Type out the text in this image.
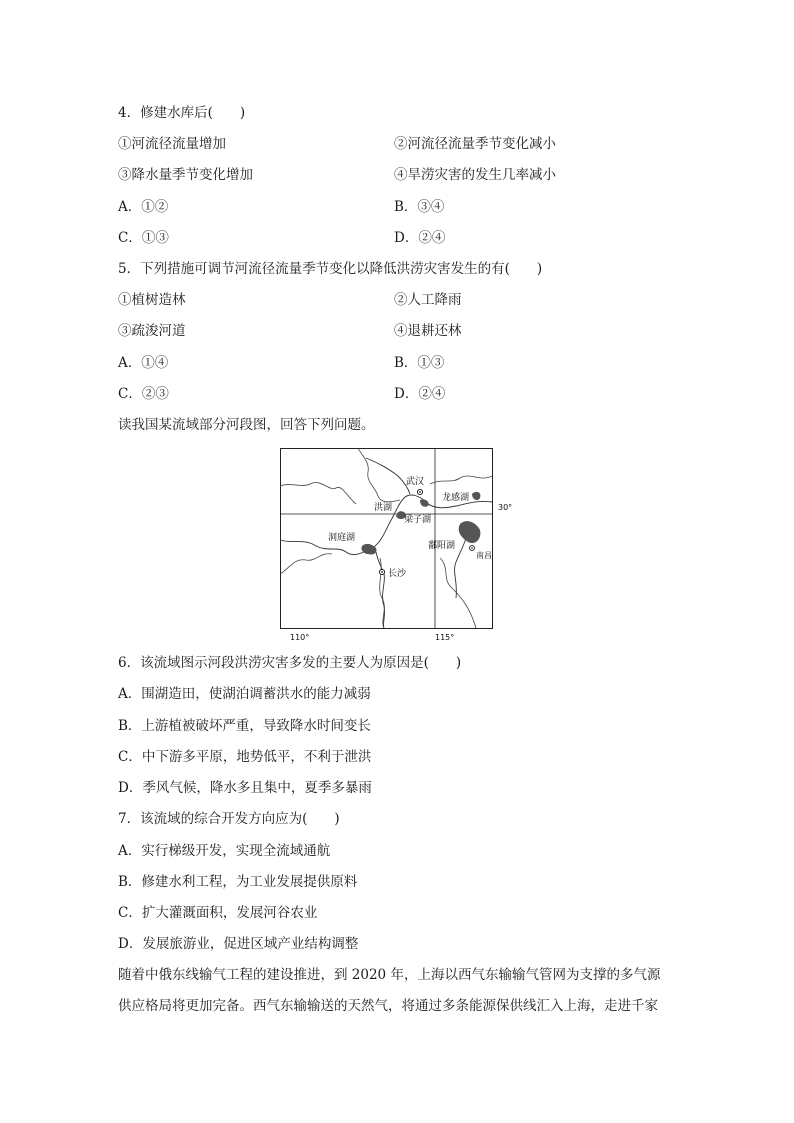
4．修建水库后(　　)
①河流径流量增加	②河流径流量季节变化减小
③降水量季节变化增加	④旱涝灾害的发生几率减小
A．①②	B．③④
C．①③	D．②④
5．下列措施可调节河流径流量季节变化以降低洪涝灾害发生的有(　　)
①植树造林	②人工降雨
③疏浚河道	④退耕还林
A．①④	B．①③
C．②③	D．②④
读我国某流域部分河段图，回答下列问题。
武汉
洪湖
龙感湖
梁子湖
洞庭湖
鄱阳湖
南昌
长沙
30°
110°	115°
6．该流域图示河段洪涝灾害多发的主要人为原因是(　　)
A．围湖造田，使湖泊调蓄洪水的能力减弱
B．上游植被破坏严重，导致降水时间变长
C．中下游多平原，地势低平，不利于泄洪
D．季风气候，降水多且集中，夏季多暴雨
7．该流域的综合开发方向应为(　　)
A．实行梯级开发，实现全流域通航
B．修建水利工程，为工业发展提供原料
C．扩大灌溉面积，发展河谷农业
D．发展旅游业，促进区域产业结构调整
随着中俄东线输气工程的建设推进，到 2020 年，上海以西气东输输气管网为支撑的多气源
供应格局将更加完备。西气东输输送的天然气，将通过多条能源保供线汇入上海，走进千家
